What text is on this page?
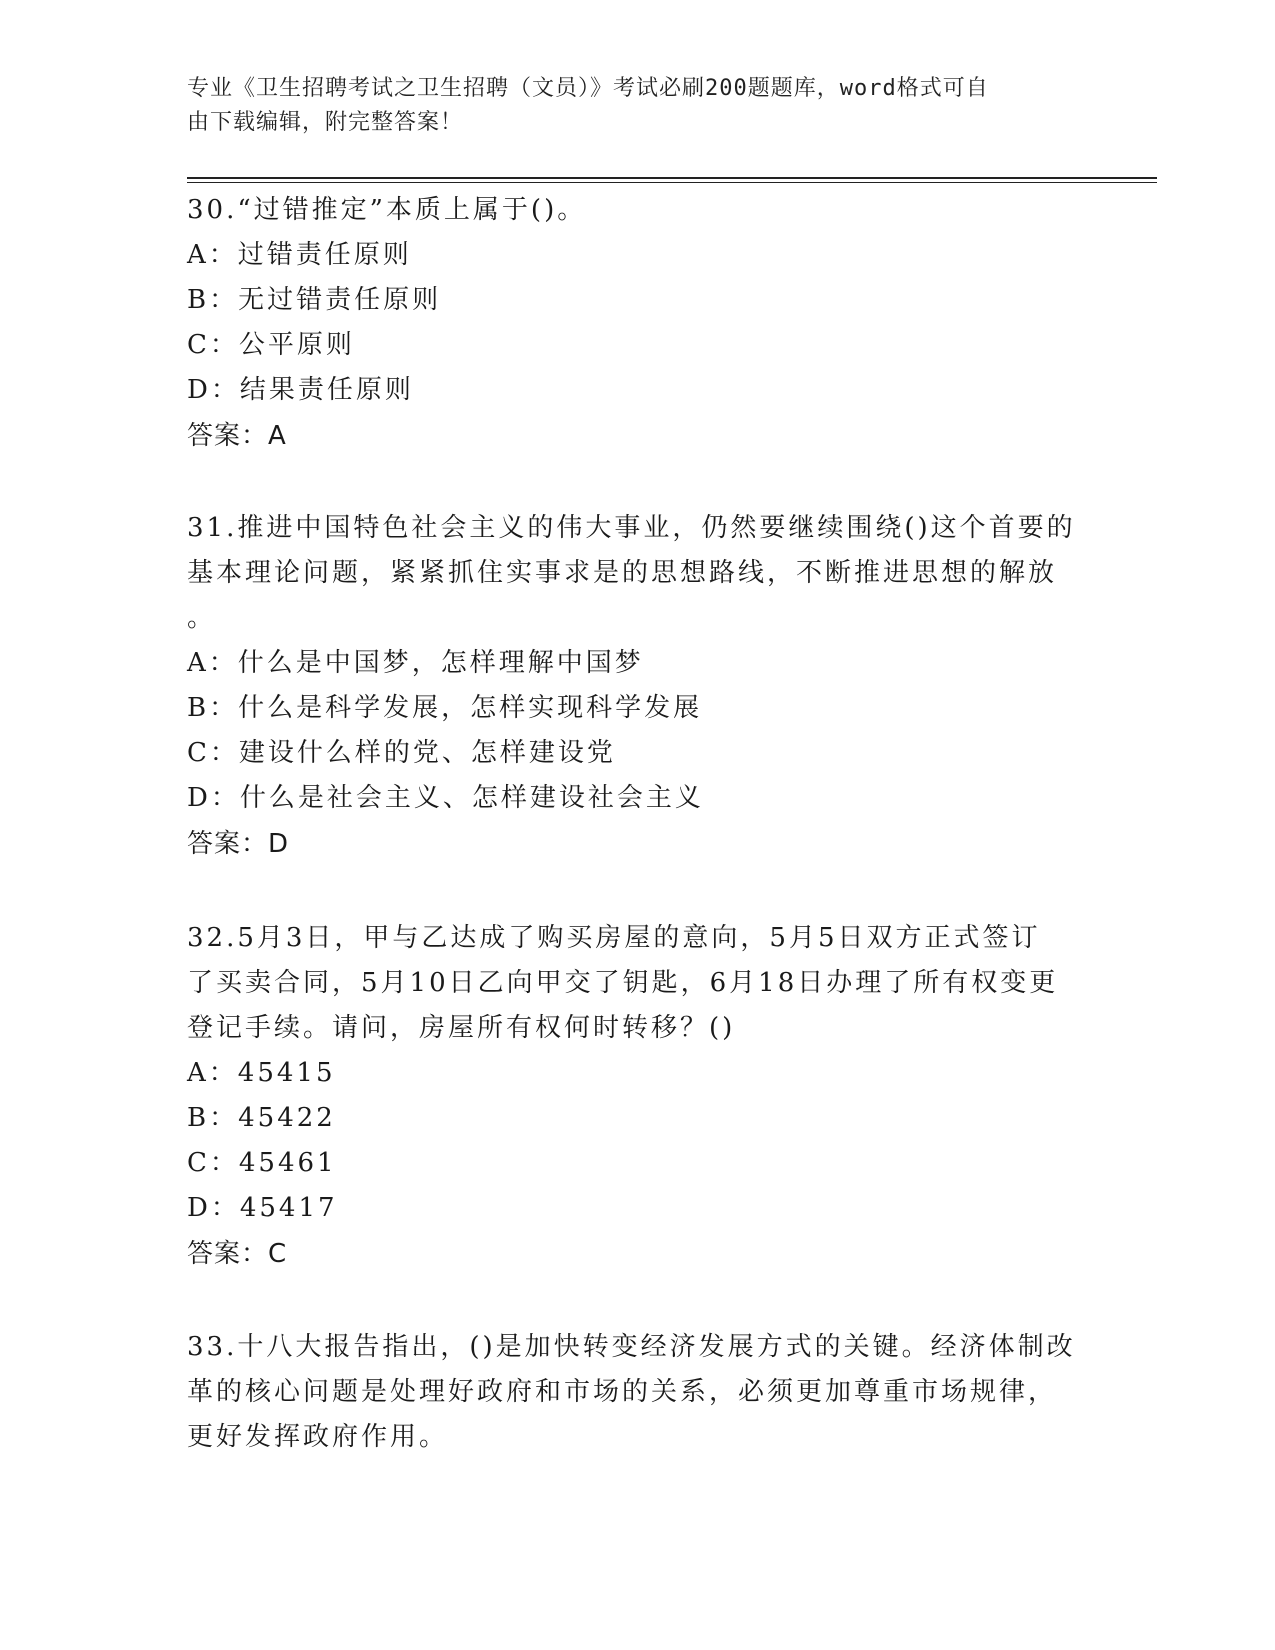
专业《卫生招聘考试之卫生招聘（文员）》考试必刷200题题库，word格式可自
由下载编辑，附完整答案！

30.“过错推定”本质上属于()。

A：过错责任原则

B：无过错责任原则

C：公平原则

D：结果责任原则

答案：A

31.推进中国特色社会主义的伟大事业，仍然要继续围绕()这个首要的

基本理论问题，紧紧抓住实事求是的思想路线，不断推进思想的解放

。

A：什么是中国梦，怎样理解中国梦

B：什么是科学发展，怎样实现科学发展

C：建设什么样的党、怎样建设党

D：什么是社会主义、怎样建设社会主义

答案：D

32.5月3日，甲与乙达成了购买房屋的意向，5月5日双方正式签订

了买卖合同，5月10日乙向甲交了钥匙，6月18日办理了所有权变更

登记手续。请问，房屋所有权何时转移？()

A：45415

B：45422

C：45461

D：45417

答案：C

33.十八大报告指出，()是加快转变经济发展方式的关键。经济体制改

革的核心问题是处理好政府和市场的关系，必须更加尊重市场规律，

更好发挥政府作用。
